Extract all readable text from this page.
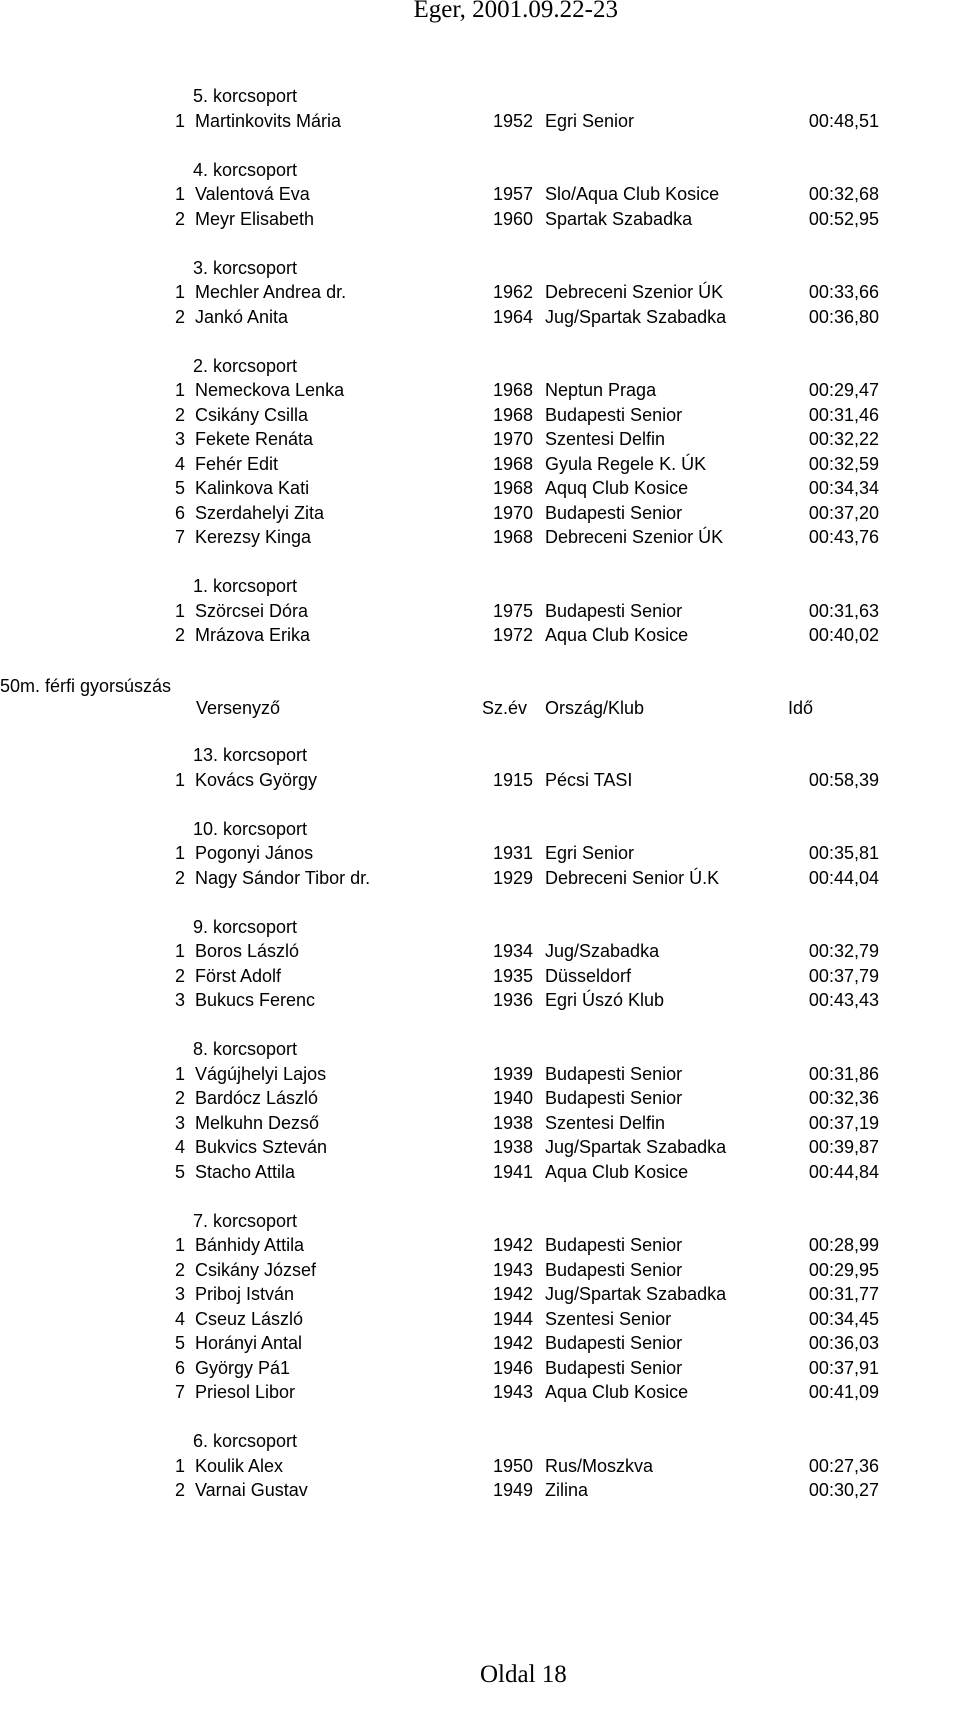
Eger, 2001.09.22-23
50m. férfi gyorsúszás
Versenyző	Sz.év Ország/Klub	Idő
5. korcsoport
1 Martinkovits Mária	1952 Egri Senior	00:48,51
4. korcsoport
1 Valentová Eva	1957 Slo/Aqua Club Kosice	00:32,68
2 Meyr Elisabeth	1960 Spartak Szabadka	00:52,95
3. korcsoport
1 Mechler Andrea dr.	1962 Debreceni Szenior ÚK	00:33,66
2 Jankó Anita	1964 Jug/Spartak Szabadka	00:36,80
2. korcsoport
1 Nemeckova Lenka	1968 Neptun Praga	00:29,47
2 Csikány Csilla	1968 Budapesti Senior	00:31,46
3 Fekete Renáta	1970 Szentesi Delfin	00:32,22
4 Fehér Edit	1968 Gyula Regele K. ÚK	00:32,59
5 Kalinkova Kati	1968 Aquq Club Kosice	00:34,34
6 Szerdahelyi Zita	1970 Budapesti Senior	00:37,20
7 Kerezsy Kinga	1968 Debreceni Szenior ÚK	00:43,76
1. korcsoport
1 Szörcsei Dóra	1975 Budapesti Senior	00:31,63
2 Mrázova Erika	1972 Aqua Club Kosice	00:40,02
13. korcsoport
1 Kovács György	1915 Pécsi TASI	00:58,39
10. korcsoport
1 Pogonyi János	1931 Egri Senior	00:35,81
2 Nagy Sándor Tibor dr.	1929 Debreceni Senior Ú.K	00:44,04
9. korcsoport
1 Boros László	1934 Jug/Szabadka	00:32,79
2 Först Adolf	1935 Düsseldorf	00:37,79
3 Bukucs Ferenc	1936 Egri Úszó Klub	00:43,43
8. korcsoport
1 Vágújhelyi Lajos	1939 Budapesti Senior	00:31,86
2 Bardócz László	1940 Budapesti Senior	00:32,36
3 Melkuhn Dezső	1938 Szentesi Delfin	00:37,19
4 Bukvics Szteván	1938 Jug/Spartak Szabadka	00:39,87
5 Stacho Attila	1941 Aqua Club Kosice	00:44,84
7. korcsoport
1 Bánhidy Attila	1942 Budapesti Senior	00:28,99
2 Csikány József	1943 Budapesti Senior	00:29,95
3 Priboj István	1942 Jug/Spartak Szabadka	00:31,77
4 Cseuz László	1944 Szentesi Senior	00:34,45
5 Horányi Antal	1942 Budapesti Senior	00:36,03
6 György Pá1	1946 Budapesti Senior	00:37,91
7 Priesol Libor	1943 Aqua Club Kosice	00:41,09
6. korcsoport
1 Koulik Alex	1950 Rus/Moszkva	00:27,36
2 Varnai Gustav	1949 Zilina	00:30,27
Oldal 18
